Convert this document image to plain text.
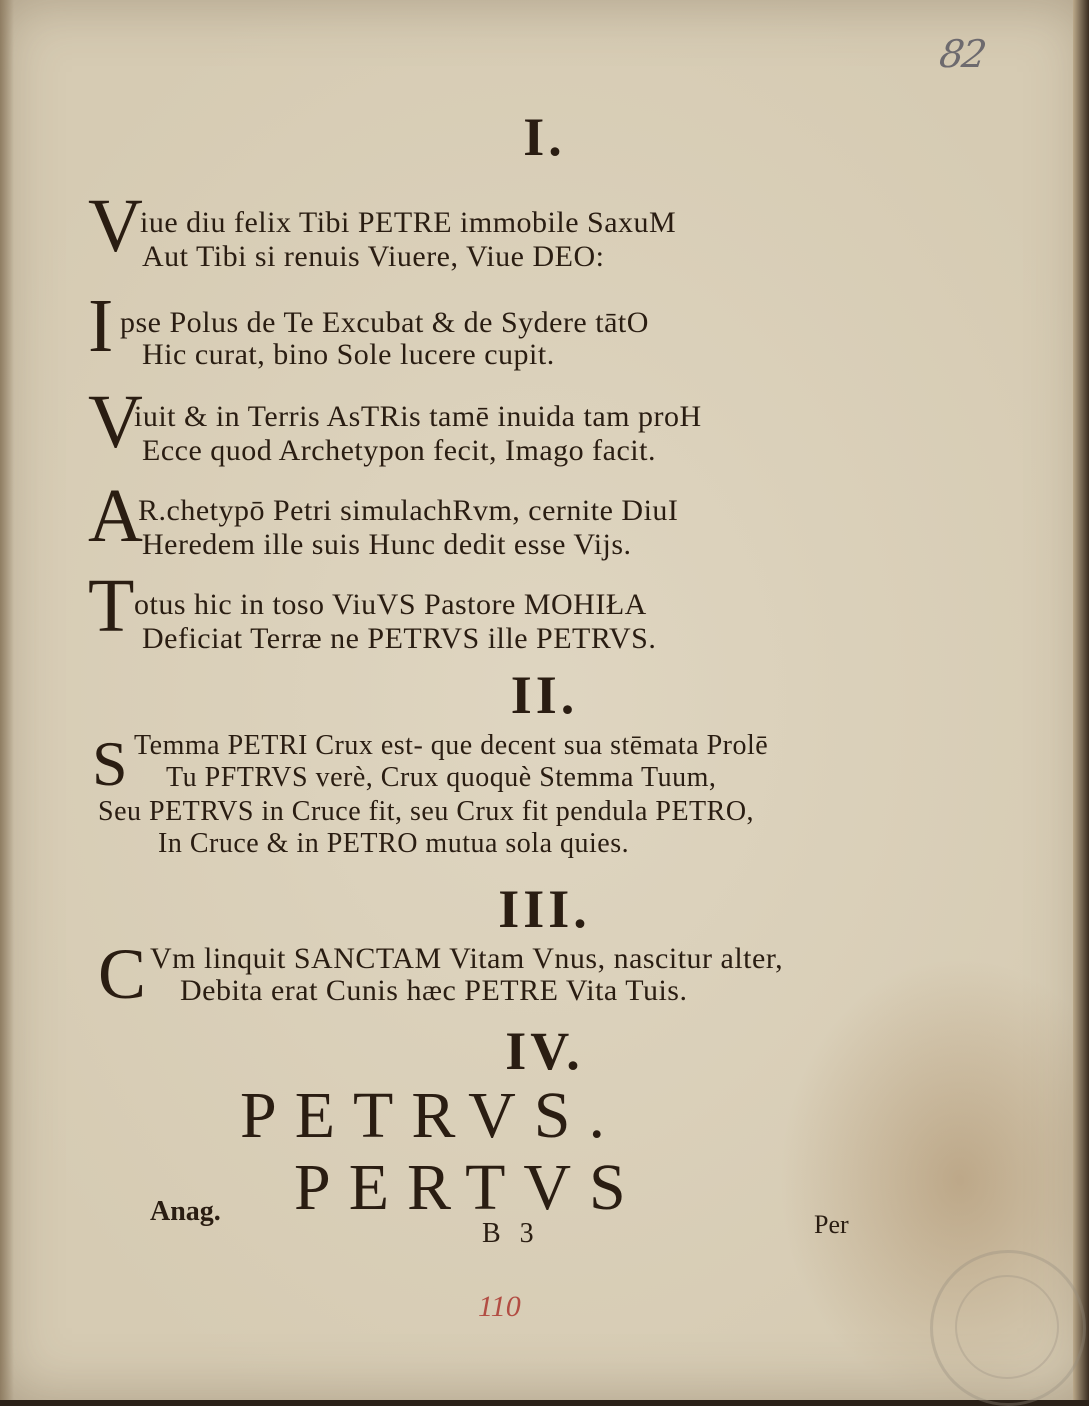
82
I.
V
iue diu felix Tibi PETRE immobile SaxuM
Aut Tibi si renuis Viuere, Viue DEO:
I pse Polus de Te Excubat & de Sydere tātO
Hic curat, bino Sole lucere cupit.
V
iuit & in Terris AsTRis tamē inuida tam proH
Ecce quod Archetypon fecit, Imago facit.
A
R.chetypō Petri simulachRvm, cernite DiuI
Heredem ille suis Hunc dedit esse Vijs.
T otus hic in toso ViuVS Pastore MOHIŁA
Deficiat Terræ ne PETRVS ille PETRVS.
II.
S Temma PETRI Crux est- que decent sua stēmata Prolē
Tu PFTRVS verè, Crux quoquè Stemma Tuum,
Seu PETRVS in Cruce fit, seu Crux fit pendula PETRO,
In Cruce & in PETRO mutua sola quies.
III.
C Vm linquit SANCTAM Vitam Vnus, nascitur alter,
Debita erat Cunis hæc PETRE Vita Tuis.
IV.
PETRVS.
Anag. PERTVS
B 3	Per
110
